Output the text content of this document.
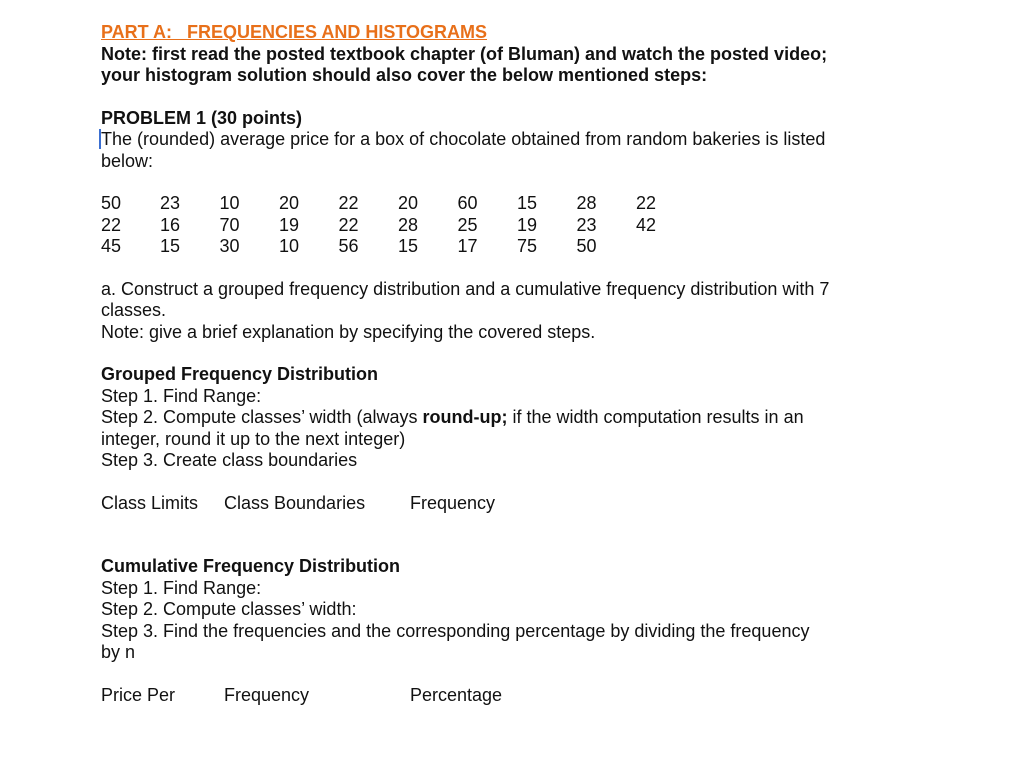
PART A:   FREQUENCIES AND HISTOGRAMS
Note: first read the posted textbook chapter (of Bluman) and watch the posted video;
your histogram solution should also cover the below mentioned steps:
PROBLEM 1 (30 points)
The (rounded) average price for a box of chocolate obtained from random bakeries is listed
below:
50	23	10	20	22	20	60	15	28	22
22	16	70	19	22	28	25	19	23	42
45	15	30	10	56	15	17	75	50	
a. Construct a grouped frequency distribution and a cumulative frequency distribution with 7
classes.
Note: give a brief explanation by specifying the covered steps.
Grouped Frequency Distribution
Step 1. Find Range:
Step 2. Compute classes’ width (always round-up; if the width computation results in an
integer, round it up to the next integer)
Step 3. Create class boundaries
Class Limits	Class Boundaries	Frequency
Cumulative Frequency Distribution
Step 1. Find Range:
Step 2. Compute classes’ width:
Step 3. Find the frequencies and the corresponding percentage by dividing the frequency
by n
Price Per	Frequency	Percentage
